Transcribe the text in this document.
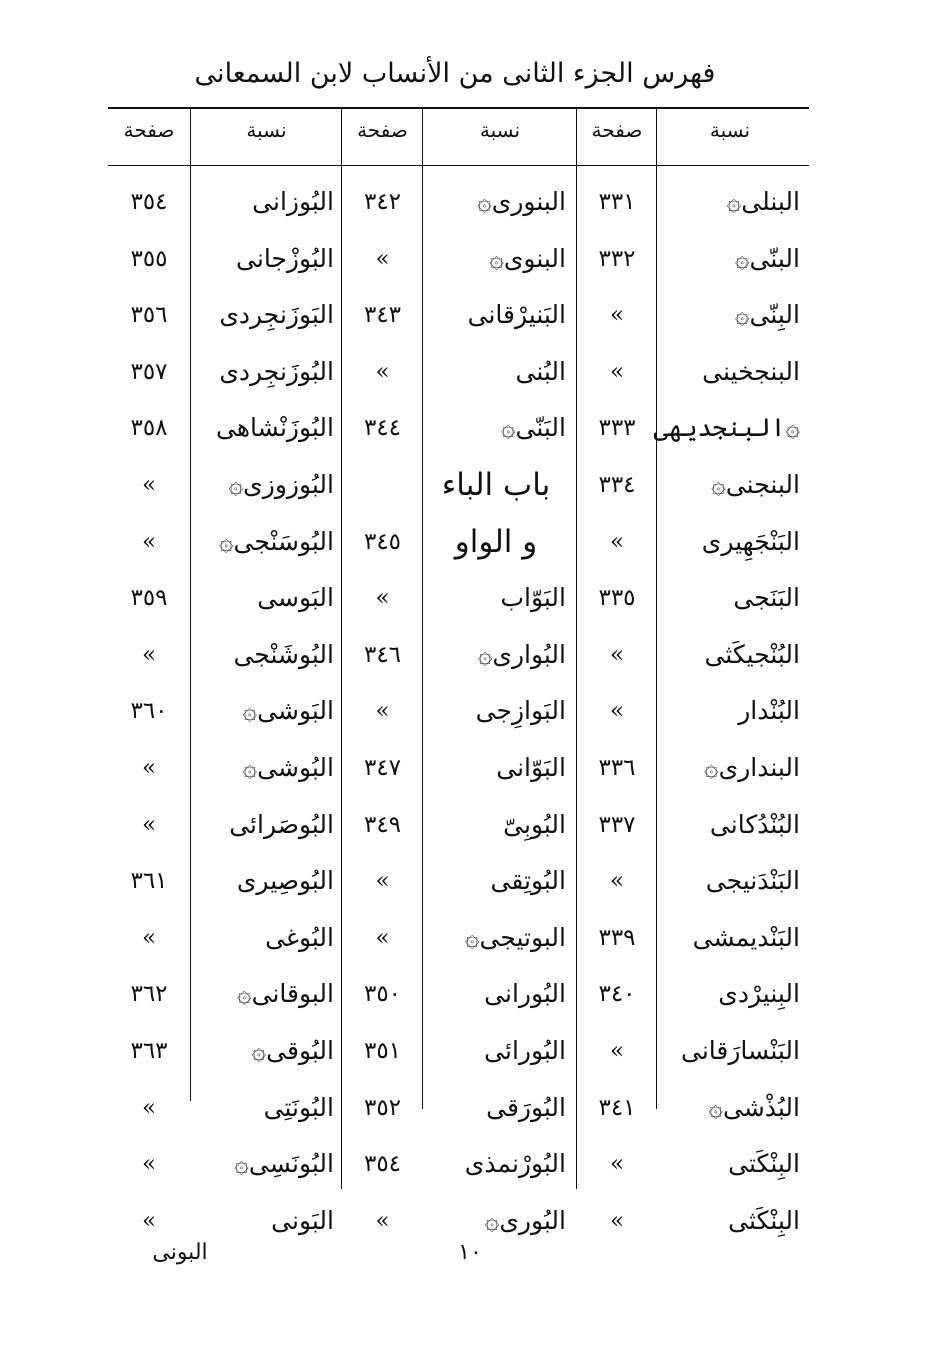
فهرس الجزء الثانى من الأنساب لابن السمعانى
نسبة
صفحة
نسبة
صفحة
نسبة
صفحة
البنلى۞
٣٣١
البنّى۞
٣٣٢
البِنّى۞
»
البنجخينى
»
۞البنجديهى
٣٣٣
البنجنى۞
٣٣٤
البَنْجَهِيرى
»
البَنَجى
٣٣٥
البُنْجيكَثى
»
البُنْدار
»
البندارى۞
٣٣٦
البُنْدُكانى
٣٣٧
البَنْدَنيجى
»
البَنْديمشى
٣٣٩
البِنيرْدى
٣٤٠
البَنْسارَقانى
»
البُذْشى۞
٣٤١
البِنْكَتى
»
البِنْكَثى
»
البنورى۞
٣٤٢
البنوى۞
»
البَنيرْقانى
٣٤٣
البُنى
»
البَنّى۞
٣٤٤
باب الباء
و الواو
٣٤٥
البَوّاب
»
البُوارى۞
٣٤٦
البَوازِجى
»
البَوّانى
٣٤٧
البُوبِىّ
٣٤٩
البُوتِقى
»
البوتيجى۞
»
البُورانى
٣٥٠
البُورائى
٣٥١
البُورَقى
٣٥٢
البُورْنمذى
٣٥٤
البُورى۞
»
البُوزانى
٣٥٤
البُوزْجانى
٣٥٥
البَوزَنجِردى
٣٥٦
البُوزَنجِردى
٣٥٧
البُوزَنْشاهى
٣٥٨
البُوزوزى۞
»
البُوسَنْجى۞
»
البَوسى
٣٥٩
البُوشَنْجى
»
البَوشى۞
٣٦٠
البُوشى۞
»
البُوصَرائى
»
البُوصِيرى
٣٦١
البُوغى
»
البوقانى۞
٣٦٢
البُوقى۞
٣٦٣
البُونَتِى
»
البُونَسِى۞
»
البَونى
»
١٠
البونى
